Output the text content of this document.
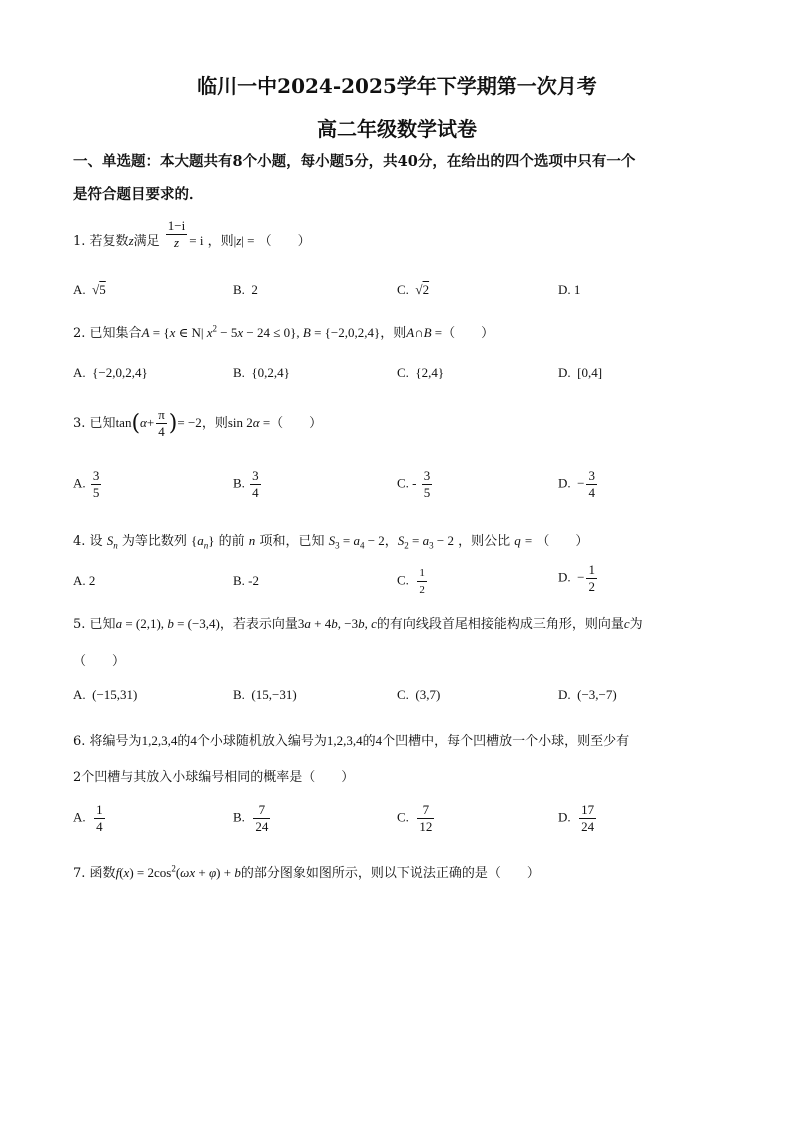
临川一中2024-2025学年下学期第一次月考
高二年级数学试卷
一、单选题：本大题共有8个小题，每小题5分，共40分，在给出的四个选项中只有一个
是符合题目要求的．
1. 若复数z满足 $\frac{1-i}{z} = i$ ，则|z| = （　　）
A.  √5	B.  2	C.  √2	D. 1
2. 已知集合A = {x ∈ N| $x^2 - 5x - 24 \le 0$}, B = {−2,0,2,4}，则A∩B =（　　）
A.  {−2,0,2,4}	B.  {0,2,4}	C.  {2,4}	D.  [0,4]
3. 已知$\tan(\alpha+ \frac{\pi}{4}$ )= −2，则sin 2α =（　　）
A. $\frac{3}{5}$	B. $\frac{3}{4}$	C. - $\frac{3}{5}$	D.  − $\frac{3}{4}$
4. 设 $S_n$ 为等比数列 $\{a_n\}$ 的前 n 项和，已知 $S_3 = a_4 - 2$，$S_2 = a_3 - 2$ ，则公比 q = （　　）
A. 2	B. -2	C. $\frac{1}{2}$	D.  − $\frac{1}{2}$
5. 已知a = (2,1), b = (−3,4)，若表示向量3a + 4b, −3b, c的有向线段首尾相接能构成三角形，则向量c为
（　　）
A.  (−15,31)	B.  (15,−31)	C.  (3,7)	D.  (−3,−7)
6. 将编号为1,2,3,4的4个小球随机放入编号为1,2,3,4的4个凹槽中，每个凹槽放一个小球，则至少有
2个凹槽与其放入小球编号相同的概率是（　　）
A. $\frac{1}{4}$	B. $\frac{7}{24}$	C. $\frac{7}{12}$	D. $\frac{17}{24}$
7. 函数$f(x) = 2\cos^2(\omega x + \varphi) + b$的部分图象如图所示，则以下说法正确的是（　　）
